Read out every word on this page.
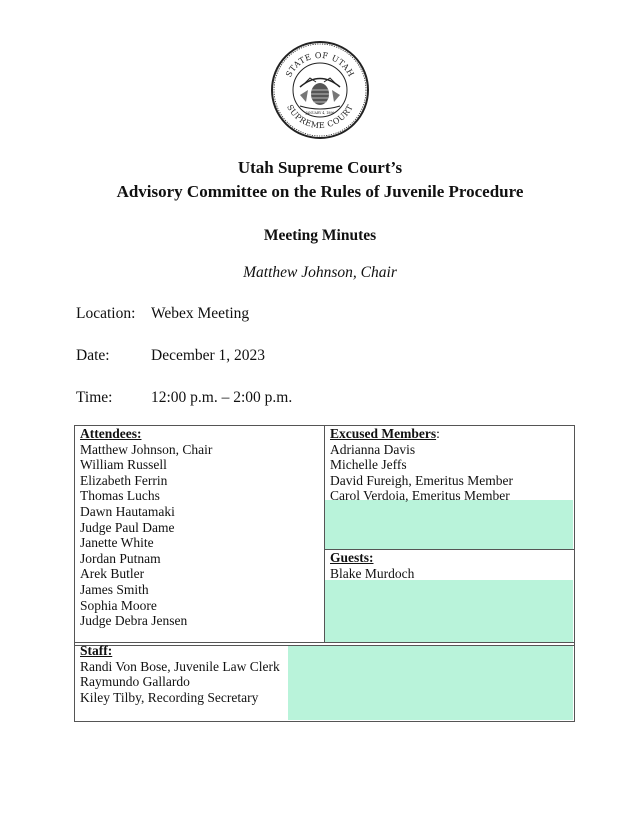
STATE OF UTAH
SUPREME COURT
JANUARY 4, 1896
Utah Supreme Court’s
Advisory Committee on the Rules of Juvenile Procedure
Meeting Minutes
Matthew Johnson, Chair
Location: Webex Meeting
Date:	December 1, 2023
Time: 12:00 p.m. – 2:00 p.m.
Attendees:
Matthew Johnson, Chair
William Russell
Elizabeth Ferrin
Thomas Luchs
Dawn Hautamaki
Judge Paul Dame
Janette White
Jordan Putnam
Arek Butler
James Smith
Sophia Moore
Judge Debra Jensen
Excused Members:
Adrianna Davis
Michelle Jeffs
David Fureigh, Emeritus Member
Carol Verdoia, Emeritus Member
Guests:
Blake Murdoch
Staff:
Randi Von Bose, Juvenile Law Clerk
Raymundo Gallardo
Kiley Tilby, Recording Secretary
